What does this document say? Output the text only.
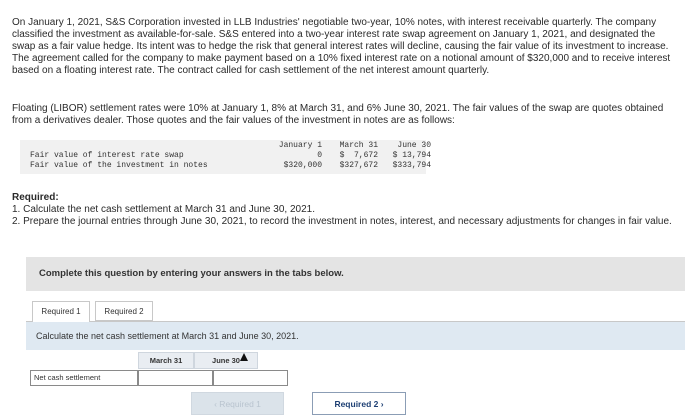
On January 1, 2021, S&S Corporation invested in LLB Industries' negotiable two-year, 10% notes, with interest receivable quarterly. The company classified the investment as available-for-sale. S&S entered into a two-year interest rate swap agreement on January 1, 2021, and designated the swap as a fair value hedge. Its intent was to hedge the risk that general interest rates will decline, causing the fair value of its investment to increase. The agreement called for the company to make payment based on a 10% fixed interest rate on a notional amount of $320,000 and to receive interest based on a floating interest rate. The contract called for cash settlement of the net interest amount quarterly.
Floating (LIBOR) settlement rates were 10% at January 1, 8% at March 31, and 6% June 30, 2021. The fair values of the swap are quotes obtained from a derivatives dealer. Those quotes and the fair values of the investment in notes are as follows:
January 1	March 31	June 30
Fair value of interest rate swap	0	$  7,672	$ 13,794
Fair value of the investment in notes	$320,000	$327,672	$333,794
Required:
1. Calculate the net cash settlement at March 31 and June 30, 2021.
2. Prepare the journal entries through June 30, 2021, to record the investment in notes, interest, and necessary adjustments for changes in fair value.
Complete this question by entering your answers in the tabs below.
Required 1	Required 2
Calculate the net cash settlement at March 31 and June 30, 2021.
March 31	June 30
Net cash settlement
‹ Required 1	Required 2 ›
